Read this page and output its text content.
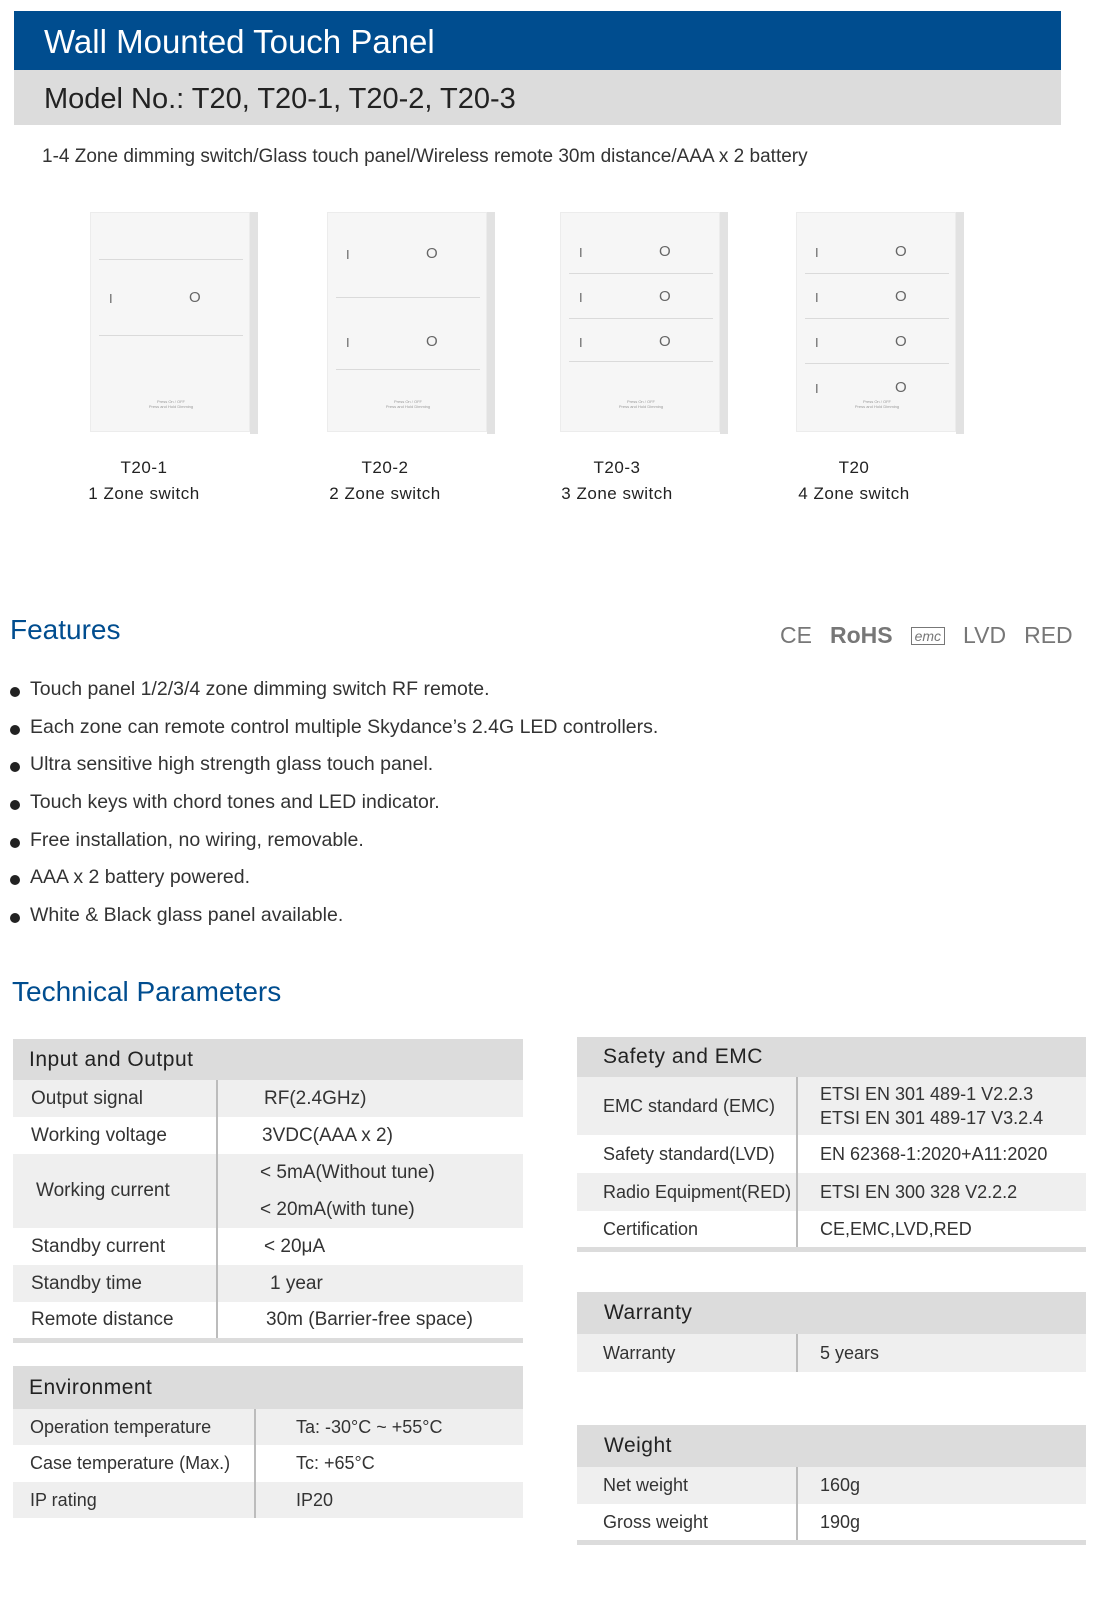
Wall Mounted Touch Panel
Model No.: T20, T20-1, T20-2, T20-3
1-4 Zone dimming switch/Glass touch panel/Wireless remote 30m distance/AAA x 2 battery
I	O
Press On / OFF
Press and Hold Dimming
T20-1
1 Zone switch
I	O
I	O
Press On / OFF
Press and Hold Dimming
T20-2
2 Zone switch
I	O
I	O
I	O
Press On / OFF
Press and Hold Dimming
T20-3
3 Zone switch
I	O
I	O
I	O
I	O
Press On / OFF
Press and Hold Dimming
T20
4 Zone switch
Features	CE RoHS emc LVD RED
Touch panel 1/2/3/4 zone dimming switch RF remote.
Each zone can remote control multiple Skydance’s 2.4G LED controllers.
Ultra sensitive high strength glass touch panel.
Touch keys with chord tones and LED indicator.
Free installation, no wiring, removable.
AAA x 2 battery powered.
White & Black glass panel available.
Technical Parameters
Input and Output	
Output signal	RF(2.4GHz)
Working voltage	3VDC(AAA x 2)
Working current	< 5mA(Without tune)
	< 20mA(with tune)
Standby current	< 20μA
Standby time	1 year
Remote distance	30m (Barrier-free space)

Environment	
Operation temperature	Ta: -30°C ~ +55°C
Case temperature (Max.)	Tc: +65°C
IP rating	IP20
Safety and EMC	
EMC standard (EMC)	ETSI EN 301 489-1 V2.2.3
ETSI EN 301 489-17 V3.2.4

Safety standard(LVD)	EN 62368-1:2020+A11:2020
Radio Equipment(RED)	ETSI EN 300 328 V2.2.2
Certification	CE,EMC,LVD,RED

Warranty
Warranty	5 years
Weight	
Net weight	160g
Gross weight	190g
